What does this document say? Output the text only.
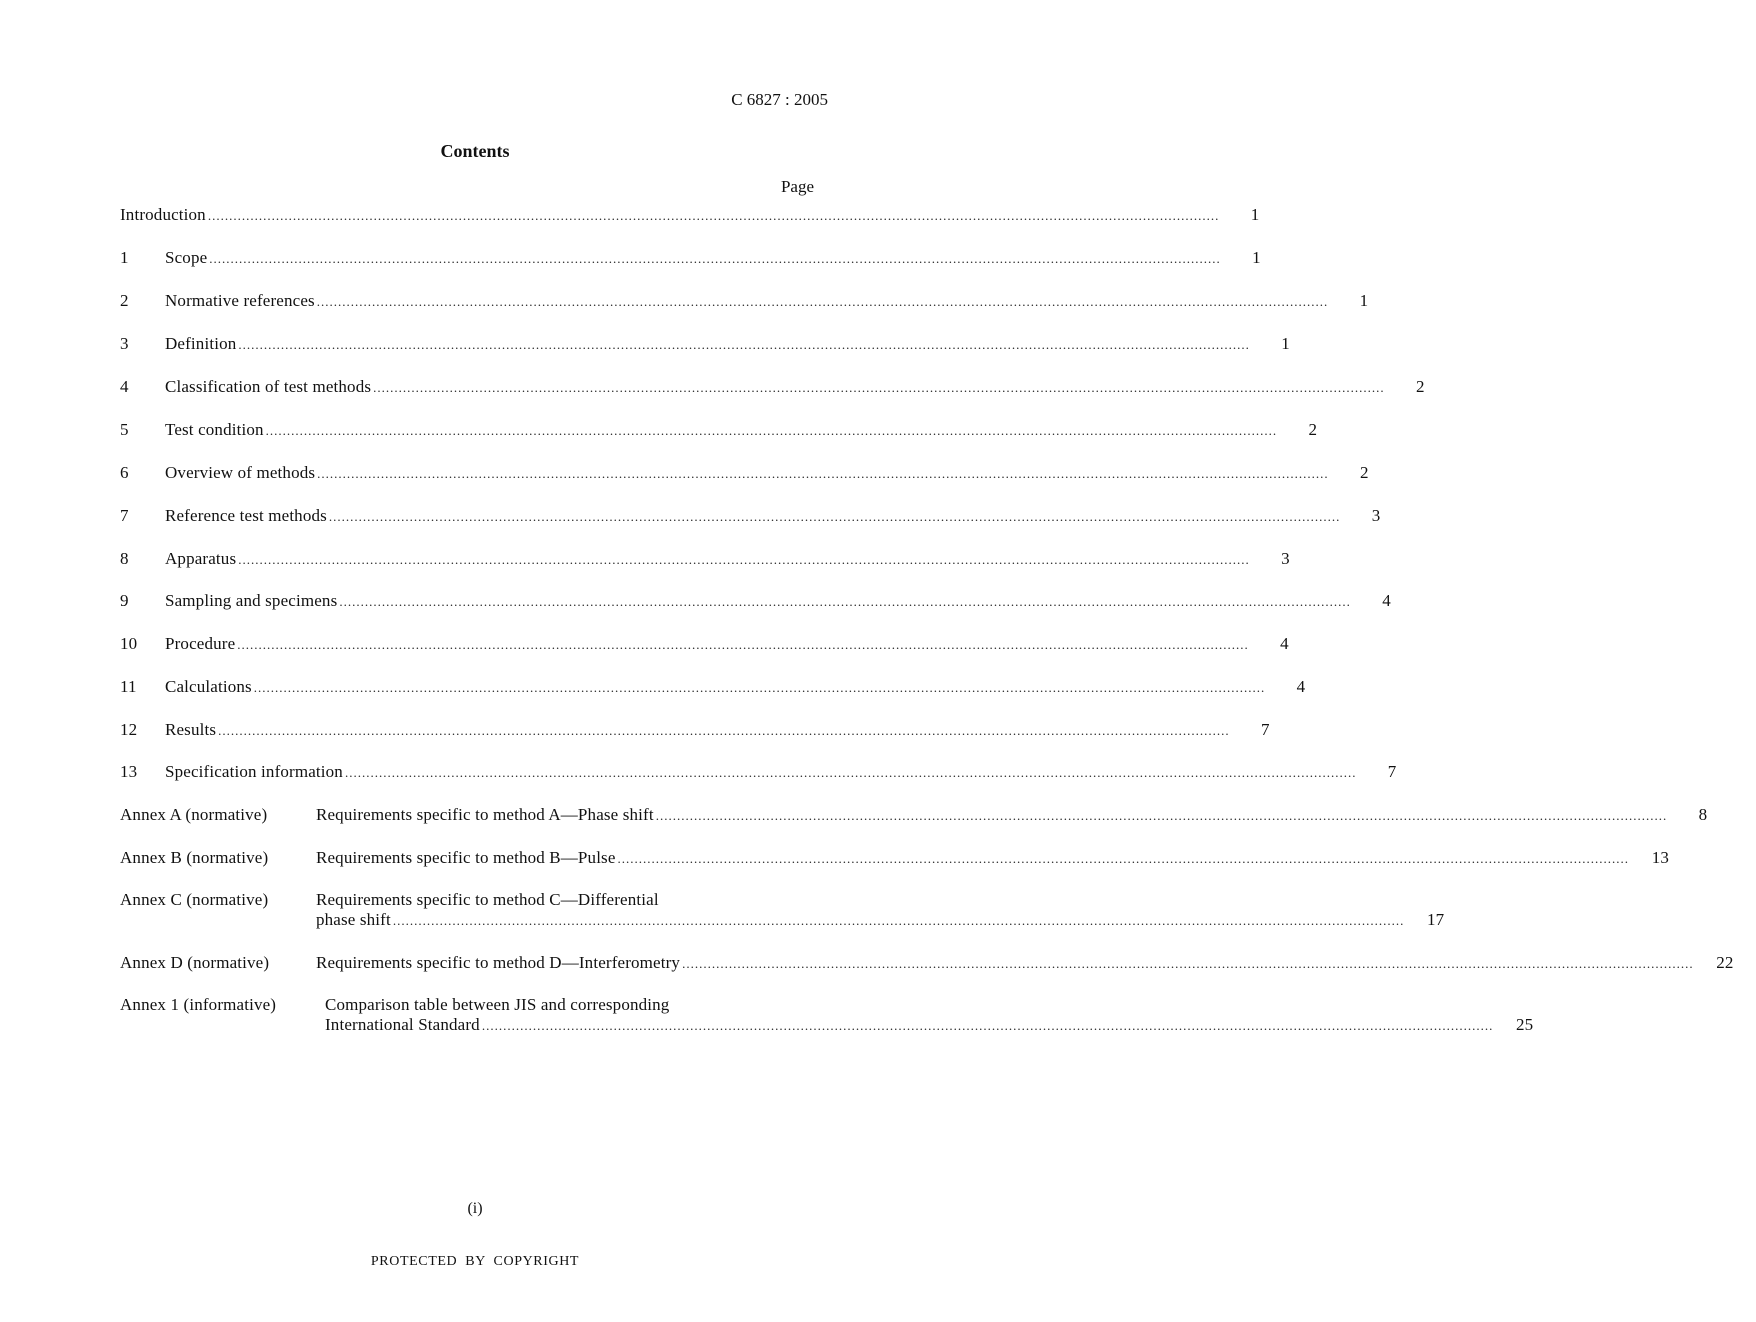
C 6827 : 2005
Contents
Page
Introduction .....	1
1	Scope .....	1
2	Normative references .....	1
3	Definition .....	1
4	Classification of test methods .....	2
5	Test condition .....	2
6	Overview of methods .....	2
7	Reference test methods .....	3
8	Apparatus .....	3
9	Sampling and specimens .....	4
10	Procedure .....	4
11	Calculations .....	4
12	Results .....	7
13	Specification information .....	7
Annex A (normative)	Requirements specific to method A—Phase shift .....	8
Annex B (normative)	Requirements specific to method B—Pulse .....	13
Annex C (normative)	Requirements specific to method C—Differential
phase shift .....	17
Annex D (normative)	Requirements specific to method D—Interferometry .....	22
Annex 1 (informative)	Comparison table between JIS and corresponding
International Standard .....	25
(i)
PROTECTED BY COPYRIGHT
